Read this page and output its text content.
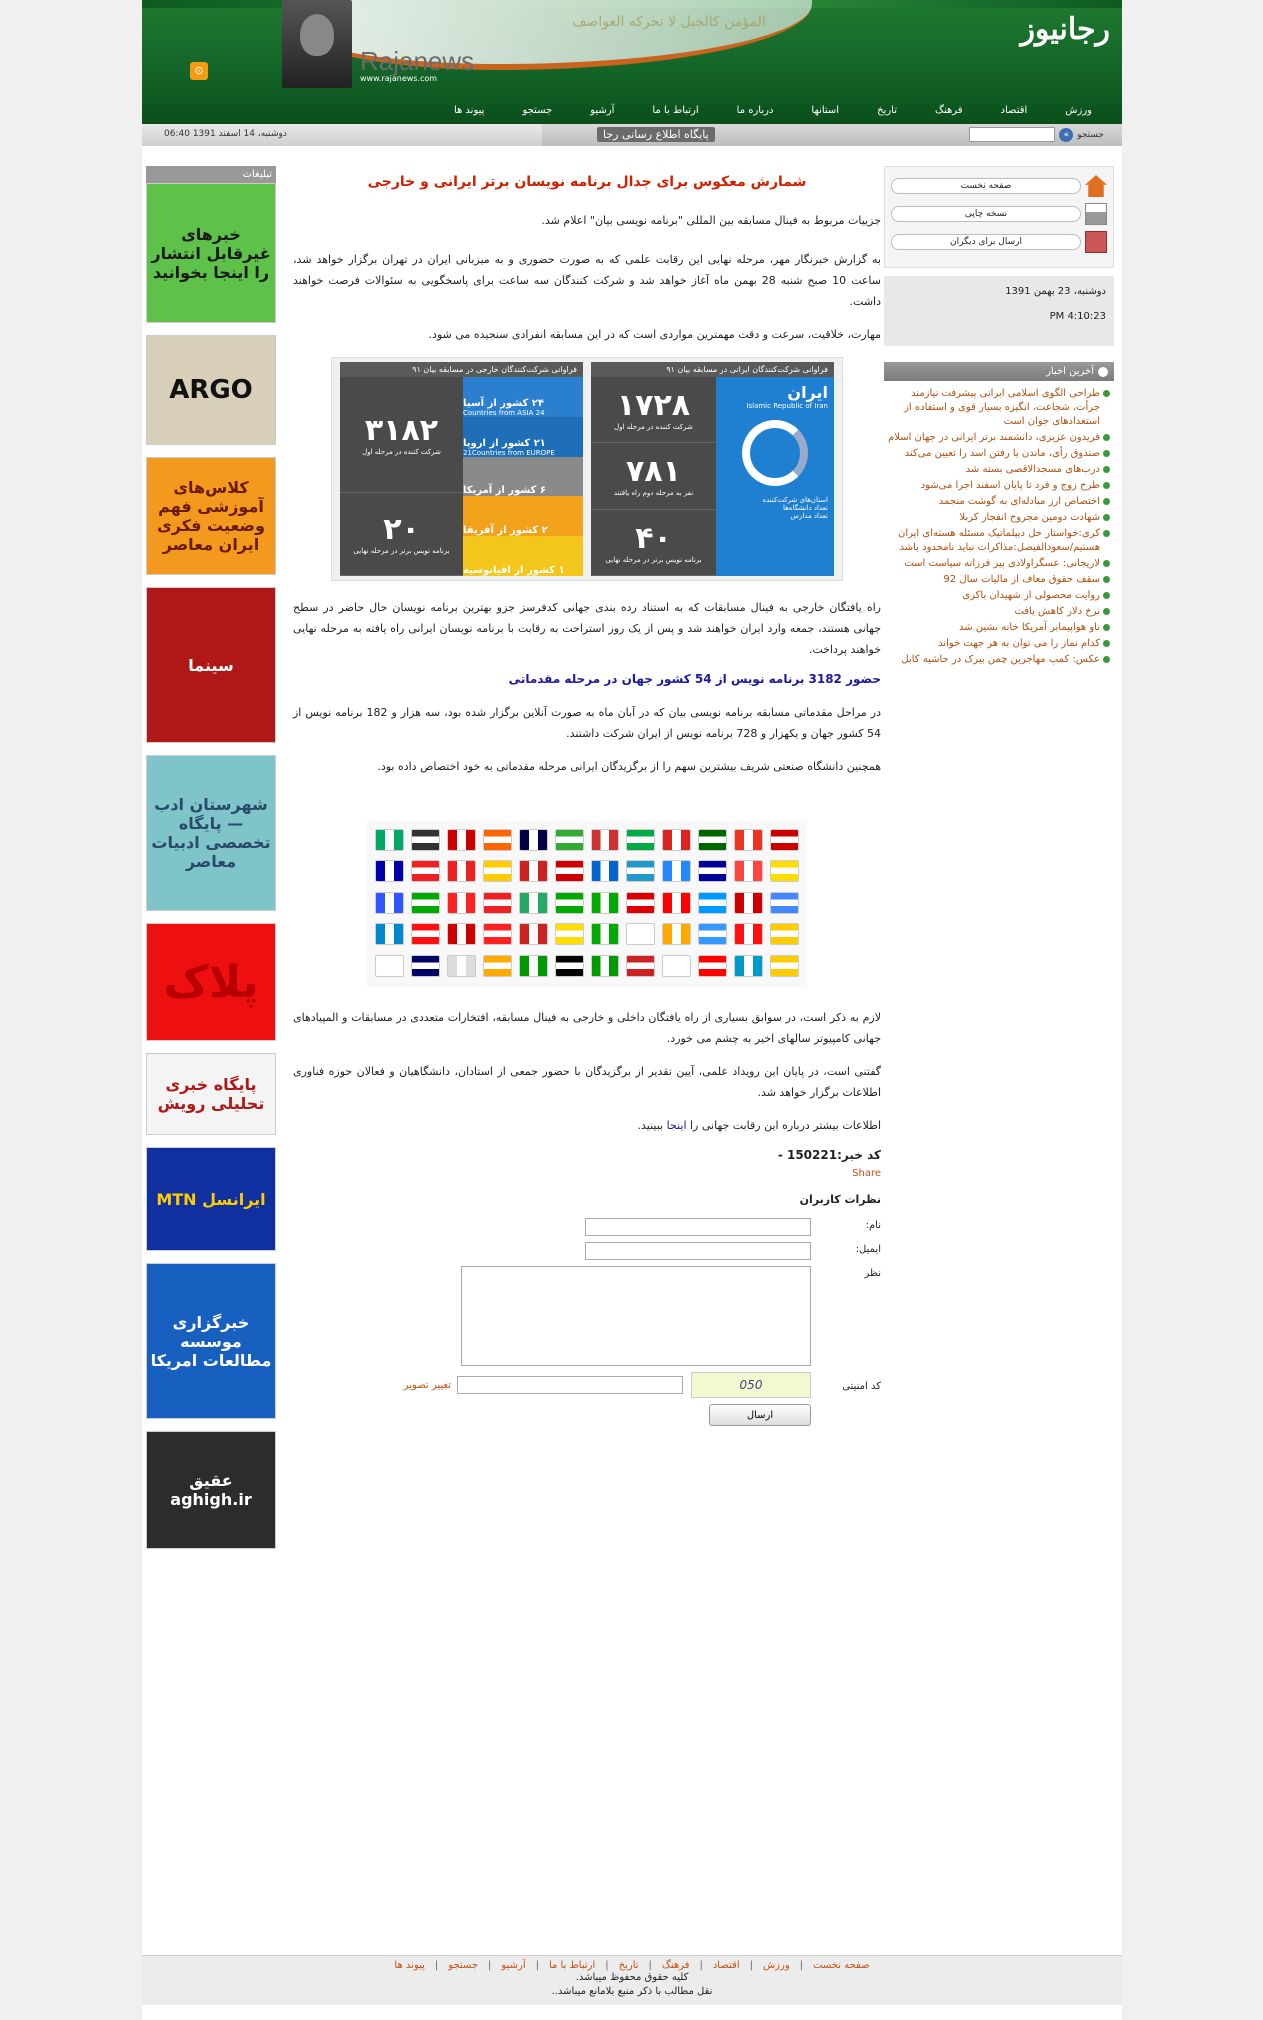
Rajanews
www.rajanews.com
المؤمن کالجبل لا تحرکه العواصف	رجانیوز
⊙
ورزش
اقتصاد
فرهنگ
تاریخ
استانها
درباره ما
ارتباط با ما
آرشیو
جستجو
پیوند ها
دوشنبه، 14 اسفند 1391 06:40	پایگاه اطلاع رسانی رجا	جستجو
»
صفحه نخست
نسخه چاپی
ارسال برای دیگران
دوشنبه، 23 بهمن 1391
4:10:23 PM
آخرین اخبار
طراحی الگوی اسلامی ایرانی پیشرفت نیازمند جرأت، شجاعت، انگیزه بسیار قوی و استفاده از استعدادهای جوان است
فریدون عزیزی، دانشمند برتر ایرانی در جهان اسلام
صندوق رأی، ماندن یا رفتن اسد را تعیین می‌کند
درب‌های مسجدالاقصی بسته شد
طرح زوج و فرد تا پایان اسفند اجرا می‌شود
اختصاص ارز مبادله‌ای به گوشت منجمد
شهادت دومین مجروح انفجار کربلا
کری:خواستار حل دیپلماتیک مسئله هسته‌ای ایران هستیم/سعودالفیصل:مذاکرات نباید نامحدود باشد
لاریجانی: عسگراولادی پیر فرزانه سیاست است
سقف حقوق معاف از مالیات سال 92
روایت محصولی از شهیدان باکری
نرخ دلار کاهش یافت
ناو هواپیمابر آمریکا خانه نشین شد
کدام نماز را می توان به هر جهت خواند
عکس: کمپ مهاجرین چمن بیرک در حاشیه کابل
تبلیغات
خبرهای غیرقابل انتشار را اینجا بخوانید
ARGO
کلاس‌های آموزشی فهم وضعیت فکری ایران معاصر
سینما
شهرستان ادب — پایگاه تخصصی ادبیات معاصر
پلاک
پایگاه خبری تحلیلی رویش
ایرانسل MTN
خبرگزاری موسسه مطالعات امریکا
عقیق aghigh.ir
شمارش معکوس برای جدال برنامه نویسان برتر ایرانی و خارجی

جزییات مربوط به فینال مسابقه بین المللی "برنامه نویسی بیان" اعلام شد.

به گزارش خبرنگار مهر، مرحله نهایی این رقابت علمی که به صورت حضوری و به میزبانی ایران در تهران برگزار خواهد شد، ساعت 10 صبح شنبه 28 بهمن ماه آغاز خواهد شد و شرکت کنندگان سه ساعت برای پاسخگویی به سئوالات فرصت خواهند داشت.

مهارت، خلاقیت، سرعت و دقت مهمترین مواردی است که در این مسابقه انفرادی سنجیده می شود.

فراوانی شرکت‌کنندگان خارجی در مسابقه بیان ۹۱
۳۱۸۲
شرکت کننده در مرحله اول
۲۰
برنامه نویس برتر در مرحله نهایی
۲۴ کشور از آسیا
24 Countries from ASIA
۲۱ کشور از اروپا
21Countries from EUROPE
۶ کشور از آمریکا
۲ کشور از آفریقا
۱ کشور از اقیانوسیه
فراوانی شرکت‌کنندگان ایرانی در مسابقه بیان ۹۱
۱۷۲۸
شرکت کننده در مرحله اول
۷۸۱
نفر به مرحله دوم راه یافتند
۴۰
برنامه نویس برتر در مرحله نهایی
ایران
Islamic Republic of Iran
استان‌های شرکت‌کننده
تعداد دانشگاه‌ها
تعداد مدارس

راه یافتگان خارجی به فینال مسابقات که به استناد رده بندی جهانی کدفرسز جزو بهترین برنامه نویسان حال حاضر در سطح جهانی هستند، جمعه وارد ایران خواهند شد و پس از یک روز استراحت به رقابت با برنامه نویسان ایرانی راه یافته به مرحله نهایی خواهند پرداخت.

حضور 3182 برنامه نویس از 54 کشور جهان در مرحله مقدماتی

در مراحل مقدماتی مسابقه برنامه نویسی بیان که در آبان ماه به صورت آنلاین برگزار شده بود، سه هزار و 182 برنامه نویس از 54 کشور جهان و یکهزار و 728 برنامه نویس از ایران شرکت داشتند.

همچنین دانشگاه صنعتی شریف بیشترین سهم را از برگزیدگان ایرانی مرحله مقدماتی به خود اختصاص داده بود.

لازم به ذکر است، در سوابق بسیاری از راه یافتگان داخلی و خارجی به فینال مسابقه، افتخارات متعددی در مسابقات و المپیادهای جهانی کامپیوتر سالهای اخیر به چشم می خورد.

گفتنی است، در پایان این رویداد علمی، آیین تقدیر از برگزیدگان با حضور جمعی از استادان، دانشگاهیان و فعالان حوزه فناوری اطلاعات برگزار خواهد شد.

اطلاعات بیشتر درباره این رقابت جهانی را اینجا ببینید.

کد خبر:150221 -
Share
نظرات کاربران
نام:
ایمیل:
نظر
کد امنیتی
050
تغییر تصویر
ارسال
صفحه نخست|ورزش|اقتصاد|فرهنگ|تاریخ|ارتباط با ما|آرشیو|جستجو|پیوند ها

کلیه حقوق محفوظ میباشد.

نقل مطالب با ذکر منبع بلامانع میباشد..
